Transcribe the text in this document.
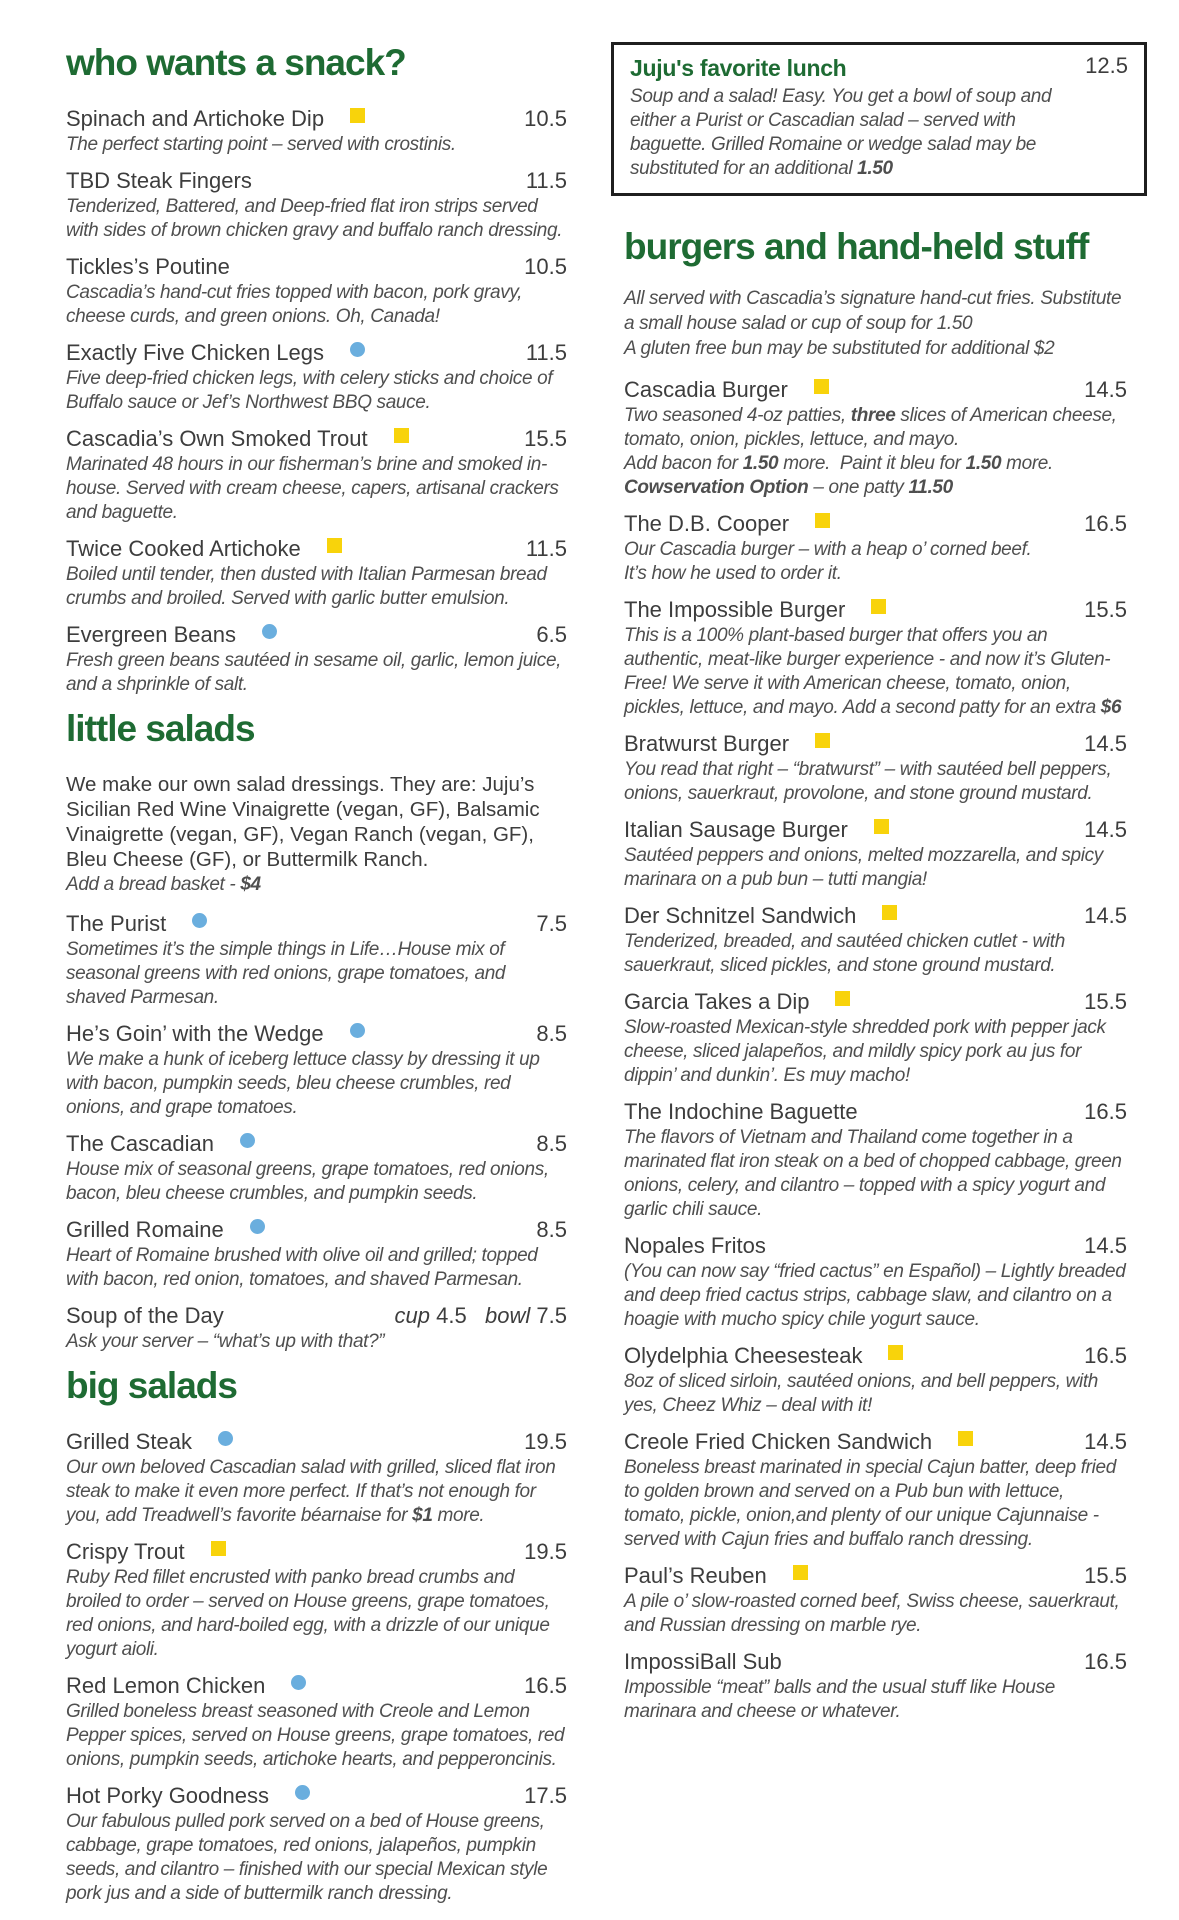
who wants a snack?
Spinach and Artichoke Dip	10.5

The perfect starting point – served with crostinis.

TBD Steak Fingers	11.5

Tenderized, Battered, and Deep-fried flat iron strips served with sides of brown chicken gravy and buffalo ranch dressing.

Tickles’s Poutine	10.5

Cascadia’s hand-cut fries topped with bacon, pork gravy, cheese curds, and green onions. Oh, Canada!

Exactly Five Chicken Legs	11.5

Five deep-fried chicken legs, with celery sticks and choice of Buffalo sauce or Jef’s Northwest BBQ sauce.

Cascadia’s Own Smoked Trout	15.5

Marinated 48 hours in our fisherman’s brine and smoked in-house. Served with cream cheese, capers, artisanal crackers and baguette.

Twice Cooked Artichoke	11.5

Boiled until tender, then dusted with Italian Parmesan bread crumbs and broiled. Served with garlic butter emulsion.

Evergreen Beans	6.5

Fresh green beans sautéed in sesame oil, garlic, lemon juice, and a shprinkle of salt.

little salads

We make our own salad dressings. They are: Juju’s Sicilian Red Wine Vinaigrette (vegan, GF), Balsamic Vinaigrette (vegan, GF), Vegan Ranch (vegan, GF), Bleu Cheese (GF), or Buttermilk Ranch.

Add a bread basket - $4

The Purist	7.5

Sometimes it’s the simple things in Life…House mix of seasonal greens with red onions, grape tomatoes, and shaved Parmesan.

He’s Goin’ with the Wedge	8.5

We make a hunk of iceberg lettuce classy by dressing it up with bacon, pumpkin seeds, bleu cheese crumbles, red onions, and grape tomatoes.

The Cascadian	8.5

House mix of seasonal greens, grape tomatoes, red onions, bacon, bleu cheese crumbles, and pumpkin seeds.

Grilled Romaine	8.5

Heart of Romaine brushed with olive oil and grilled; topped with bacon, red onion, tomatoes, and shaved Parmesan.

Soup of the Day	cup 4.5   bowl 7.5

Ask your server – “what’s up with that?”

big salads
Grilled Steak	19.5

Our own beloved Cascadian salad with grilled, sliced flat iron steak to make it even more perfect. If that’s not enough for you, add Treadwell’s favorite béarnaise for $1 more.

Crispy Trout	19.5

Ruby Red fillet encrusted with panko bread crumbs and broiled to order – served on House greens, grape tomatoes, red onions, and hard-boiled egg, with a drizzle of our unique yogurt aioli.

Red Lemon Chicken	16.5

Grilled boneless breast seasoned with Creole and Lemon Pepper spices, served on House greens, grape tomatoes, red onions, pumpkin seeds, artichoke hearts, and pepperoncinis.

Hot Porky Goodness	17.5

Our fabulous pulled pork served on a bed of House greens, cabbage, grape tomatoes, red onions, jalapeños, pumpkin seeds, and cilantro – finished with our special Mexican style pork jus and a side of buttermilk ranch dressing.

Juju's favorite lunch	12.5

Soup and a salad! Easy. You get a bowl of soup and either a Purist or Cascadian salad – served with baguette. Grilled Romaine or wedge salad may be substituted for an additional 1.50

burgers and hand-held stuff

All served with Cascadia’s signature hand-cut fries. Substitute a small house salad or cup of soup for 1.50

A gluten free bun may be substituted for additional $2

Cascadia Burger	14.5

Two seasoned 4-oz patties, three slices of American cheese, tomato, onion, pickles, lettuce, and mayo.
Add bacon for 1.50 more.  Paint it bleu for 1.50 more.
Cowservation Option – one patty 11.50

The D.B. Cooper	16.5

Our Cascadia burger – with a heap o’ corned beef.
It’s how he used to order it.

The Impossible Burger	15.5

This is a 100% plant-based burger that offers you an authentic, meat-like burger experience - and now it’s Gluten-Free! We serve it with American cheese, tomato, onion, pickles, lettuce, and mayo. Add a second patty for an extra $6

Bratwurst Burger	14.5

You read that right – “bratwurst” – with sautéed bell peppers, onions, sauerkraut, provolone, and stone ground mustard.

Italian Sausage Burger	14.5

Sautéed peppers and onions, melted mozzarella, and spicy marinara on a pub bun – tutti mangia!

Der Schnitzel Sandwich	14.5

Tenderized, breaded, and sautéed chicken cutlet - with sauerkraut, sliced pickles, and stone ground mustard.

Garcia Takes a Dip	15.5

Slow-roasted Mexican-style shredded pork with pepper jack cheese, sliced jalapeños, and mildly spicy pork au jus for dippin’ and dunkin’. Es muy macho!

The Indochine Baguette	16.5

The flavors of Vietnam and Thailand come together in a marinated flat iron steak on a bed of chopped cabbage, green onions, celery, and cilantro – topped with a spicy yogurt and garlic chili sauce.

Nopales Fritos	14.5

(You can now say “fried cactus” en Español) – Lightly breaded and deep fried cactus strips, cabbage slaw, and cilantro on a hoagie with mucho spicy chile yogurt sauce.

Olydelphia Cheesesteak	16.5

8oz of sliced sirloin, sautéed onions, and bell peppers, with yes, Cheez Whiz – deal with it!

Creole Fried Chicken Sandwich	14.5

Boneless breast marinated in special Cajun batter, deep fried to golden brown and served on a Pub bun with lettuce, tomato, pickle, onion,and plenty of our unique Cajunnaise - served with Cajun fries and buffalo ranch dressing.

Paul’s Reuben	15.5

A pile o’ slow-roasted corned beef, Swiss cheese, sauerkraut, and Russian dressing on marble rye.

ImpossiBall Sub	16.5

Impossible “meat” balls and the usual stuff like House marinara and cheese or whatever.
